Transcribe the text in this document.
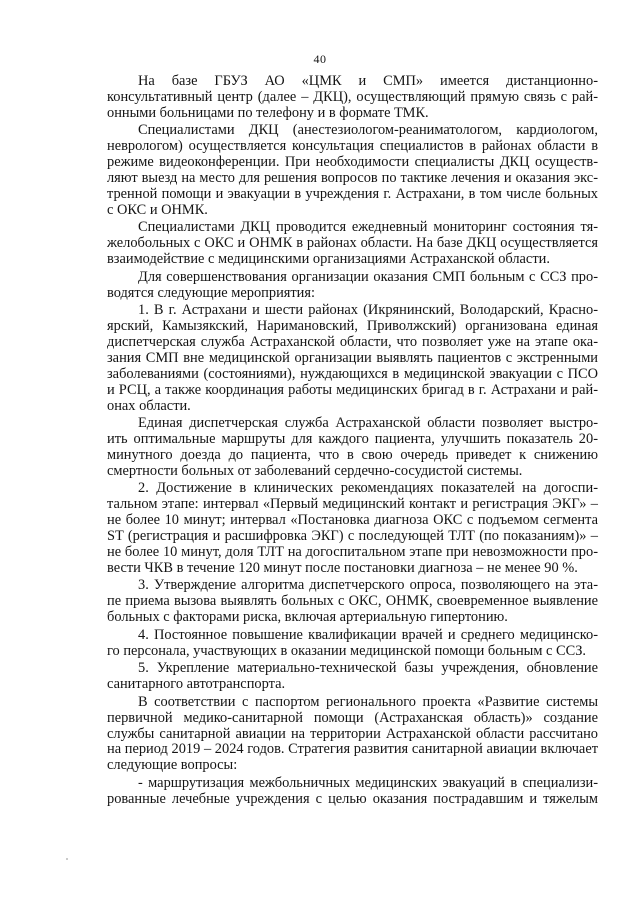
40

На базе ГБУЗ АО «ЦМК и СМП» имеется дистанционно-
консультативный центр (далее – ДКЦ), осуществляющий прямую связь с рай-
онными больницами по телефону и в формате ТМК.

Специалистами ДКЦ (анестезиологом-реаниматологом, кардиологом,
неврологом) осуществляется консультация специалистов в районах области в
режиме видеоконференции. При необходимости специалисты ДКЦ осуществ-
ляют выезд на место для решения вопросов по тактике лечения и оказания экс-
тренной помощи и эвакуации в учреждения г. Астрахани, в том числе больных
с ОКС и ОНМК.

Специалистами ДКЦ проводится ежедневный мониторинг состояния тя-
желобольных с ОКС и ОНМК в районах области. На базе ДКЦ осуществляется
взаимодействие с медицинскими организациями Астраханской области.

Для совершенствования организации оказания СМП больным с ССЗ про-
водятся следующие мероприятия:

1. В г. Астрахани и шести районах (Икрянинский, Володарский, Красно-
ярский, Камызякский, Наримановский, Приволжский) организована единая
диспетчерская служба Астраханской области, что позволяет уже на этапе ока-
зания СМП вне медицинской организации выявлять пациентов с экстренными
заболеваниями (состояниями), нуждающихся в медицинской эвакуации с ПСО
и РСЦ, а также координация работы медицинских бригад в г. Астрахани и рай-
онах области.

Единая диспетчерская служба Астраханской области позволяет выстро-
ить оптимальные маршруты для каждого пациента, улучшить показатель 20-
минутного доезда до пациента, что в свою очередь приведет к снижению
смертности больных от заболеваний сердечно-сосудистой системы.

2. Достижение в клинических рекомендациях показателей на догоспи-
тальном этапе: интервал «Первый медицинский контакт и регистрация ЭКГ» –
не более 10 минут; интервал «Постановка диагноза ОКС с подъемом сегмента
ST (регистрация и расшифровка ЭКГ) с последующей ТЛТ (по показаниям)» –
не более 10 минут, доля ТЛТ на догоспитальном этапе при невозможности про-
вести ЧКВ в течение 120 минут после постановки диагноза – не менее 90 %.

3. Утверждение алгоритма диспетчерского опроса, позволяющего на эта-
пе приема вызова выявлять больных с ОКС, ОНМК, своевременное выявление
больных с факторами риска, включая артериальную гипертонию.

4. Постоянное повышение квалификации врачей и среднего медицинско-
го персонала, участвующих в оказании медицинской помощи больным с ССЗ.

5. Укрепление материально-технической базы учреждения, обновление
санитарного автотранспорта.

В соответствии с паспортом регионального проекта «Развитие системы
первичной медико-санитарной помощи (Астраханская область)» создание
службы санитарной авиации на территории Астраханской области рассчитано
на период 2019 – 2024 годов. Стратегия развития санитарной авиации включает
следующие вопросы:

- маршрутизация межбольничных медицинских эвакуаций в специализи-
рованные лечебные учреждения с целью оказания пострадавшим и тяжелым
